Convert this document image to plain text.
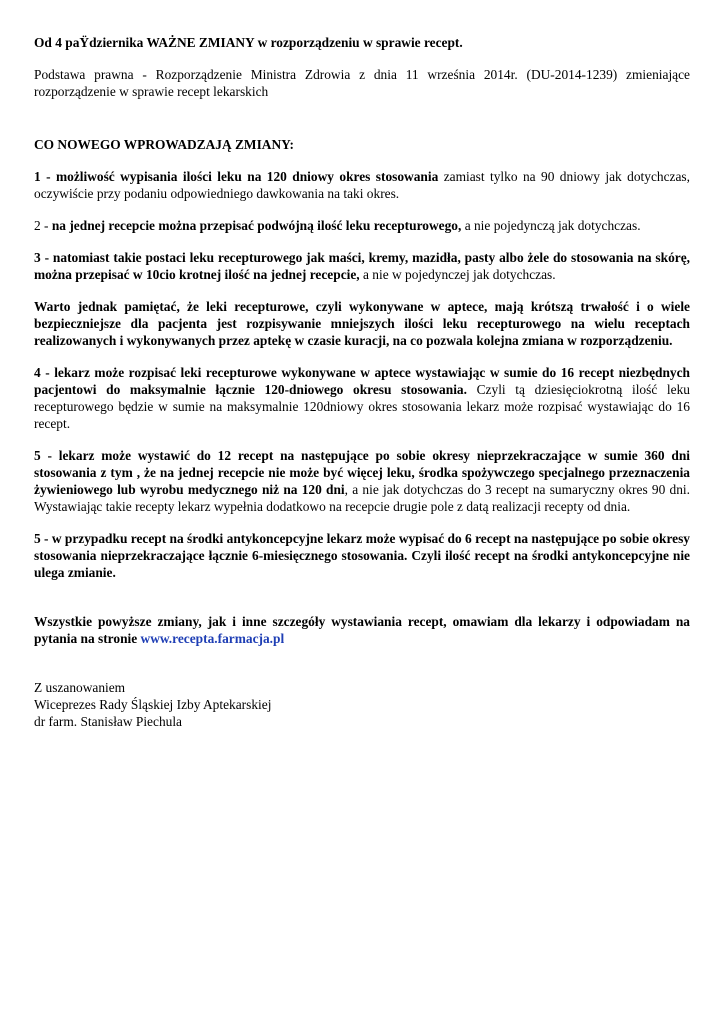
Od 4 paŸdziernika WAŻNE ZMIANY w rozporządzeniu w sprawie recept.

Podstawa prawna - Rozporządzenie Ministra Zdrowia z dnia 11 września 2014r. (DU-2014-1239) zmieniające rozporządzenie w sprawie recept lekarskich

CO NOWEGO WPROWADZAJĄ ZMIANY:

1 - możliwość wypisania ilości leku na 120 dniowy okres stosowania zamiast tylko na 90 dniowy jak dotychczas, oczywiście przy podaniu odpowiedniego dawkowania na taki okres.

2 - na jednej recepcie można przepisać podwójną ilość leku recepturowego, a nie pojedynczą jak dotychczas.

3 - natomiast takie postaci leku recepturowego jak maści, kremy, mazidła, pasty albo żele do stosowania na skórę, można przepisać w 10cio krotnej ilość na jednej recepcie, a nie w pojedynczej jak dotychczas.

Warto jednak pamiętać, że leki recepturowe, czyli wykonywane w aptece, mają krótszą trwałość i o wiele bezpieczniejsze dla pacjenta jest rozpisywanie mniejszych ilości leku recepturowego na wielu receptach realizowanych i wykonywanych przez aptekę w czasie kuracji, na co pozwala kolejna zmiana w rozporządzeniu.

4 - lekarz może rozpisać leki recepturowe wykonywane w aptece wystawiając w sumie do 16 recept niezbędnych pacjentowi do maksymalnie łącznie 120-dniowego okresu stosowania. Czyli tą dziesięciokrotną ilość leku recepturowego będzie w sumie na maksymalnie 120dniowy okres stosowania lekarz może rozpisać wystawiając do 16 recept.

5 - lekarz może wystawić do 12 recept na następujące po sobie okresy nieprzekraczające w sumie 360 dni stosowania z tym , że na jednej recepcie nie może być więcej leku, środka spożywczego specjalnego przeznaczenia żywieniowego lub wyrobu medycznego niż na 120 dni, a nie jak dotychczas do 3 recept na sumaryczny okres 90 dni. Wystawiając takie recepty lekarz wypełnia dodatkowo na recepcie drugie pole z datą realizacji recepty od dnia.

5 - w przypadku recept na środki antykoncepcyjne lekarz może wypisać do 6 recept na następujące po sobie okresy stosowania nieprzekraczające łącznie 6-miesięcznego stosowania. Czyli ilość recept na środki antykoncepcyjne nie ulega zmianie.

Wszystkie powyższe zmiany, jak i inne szczegóły wystawiania recept, omawiam dla lekarzy i odpowiadam na pytania na stronie www.recepta.farmacja.pl

Z uszanowaniem

Wiceprezes Rady Śląskiej Izby Aptekarskiej

dr farm. Stanisław Piechula
